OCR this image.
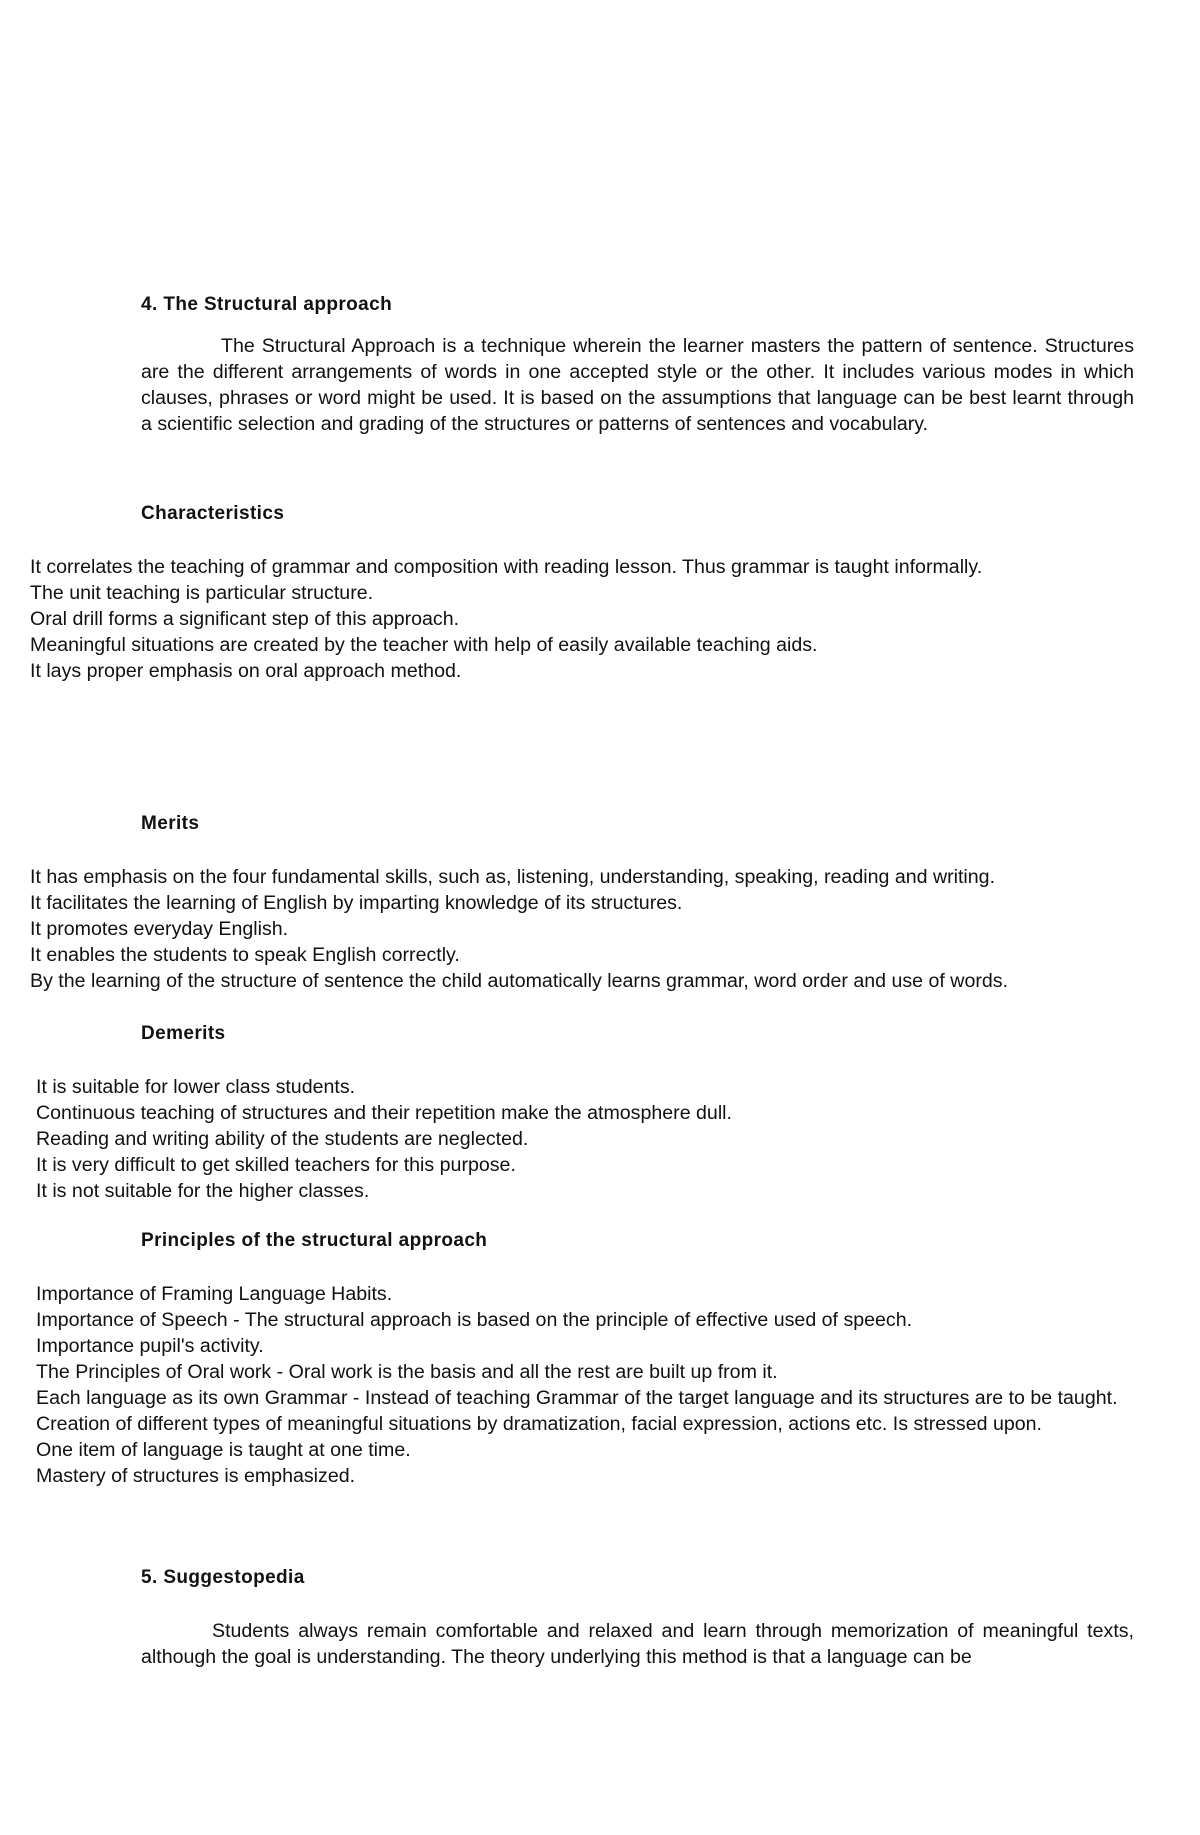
4. The Structural approach

The Structural Approach is a technique wherein the learner masters the pattern of sentence. Structures are the different arrangements of words in one accepted style or the other. It includes various modes in which clauses, phrases or word might be used. It is based on the assumptions that language can be best learnt through a scientific selection and grading of the structures or patterns of sentences and vocabulary.

Characteristics
It correlates the teaching of grammar and composition with reading lesson. Thus grammar is taught informally.
The unit teaching is particular structure.
Oral drill forms a significant step of this approach.
Meaningful situations are created by the teacher with help of easily available teaching aids.
It lays proper emphasis on oral approach method.
Merits
It has emphasis on the four fundamental skills, such as, listening, understanding, speaking, reading and writing.
It facilitates the learning of English by imparting knowledge of its structures.
It promotes everyday English.
It enables the students to speak English correctly.
By the learning of the structure of sentence the child automatically learns grammar, word order and use of words.
Demerits
It is suitable for lower class students.
Continuous teaching of structures and their repetition make the atmosphere dull.
Reading and writing ability of the students are neglected.
It is very difficult to get skilled teachers for this purpose.
It is not suitable for the higher classes.
Principles of the structural approach
Importance of Framing Language Habits.
Importance of Speech - The structural approach is based on the principle of effective used of speech.
Importance pupil's activity.
The Principles of Oral work - Oral work is the basis and all the rest are built up from it.
Each language as its own Grammar - Instead of teaching Grammar of the target language and its structures are to be taught.
Creation of different types of meaningful situations by dramatization, facial expression, actions etc. Is stressed upon.
One item of language is taught at one time.
Mastery of structures is emphasized.
5. Suggestopedia

Students always remain comfortable and relaxed and learn through memorization of meaningful texts, although the goal is understanding. The theory underlying this method is that a language can be
